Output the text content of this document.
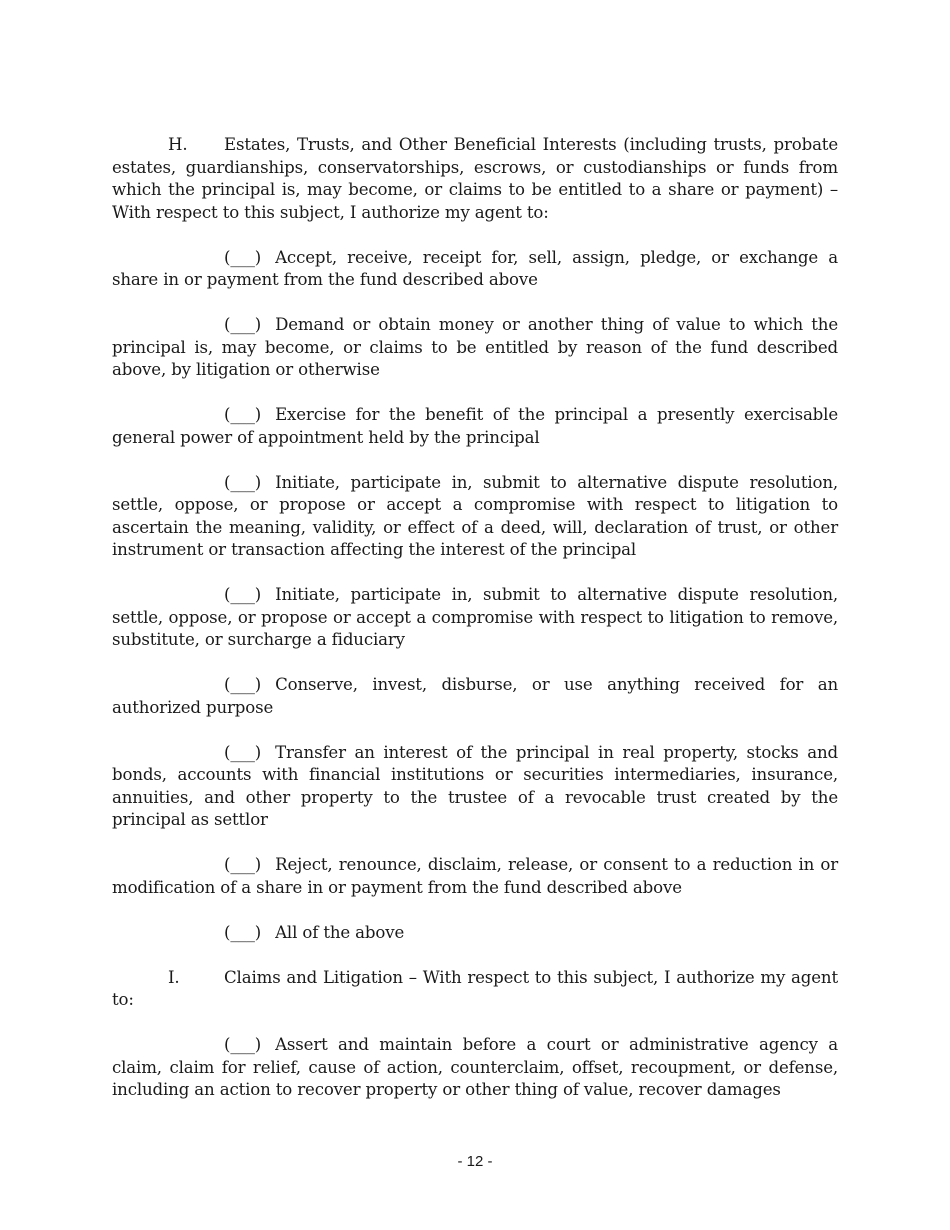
H. Estates, Trusts, and Other Beneficial Interests (including trusts, probate estates, guardianships, conservatorships, escrows, or custodianships or funds from which the principal is, may become, or claims to be entitled to a share or payment) – With respect to this subject, I authorize my agent to:

(___) Accept, receive, receipt for, sell, assign, pledge, or exchange a share in or payment from the fund described above

(___) Demand or obtain money or another thing of value to which the principal is, may become, or claims to be entitled by reason of the fund described above, by litigation or otherwise

(___) Exercise for the benefit of the principal a presently exercisable general power of appointment held by the principal

(___) Initiate, participate in, submit to alternative dispute resolution, settle, oppose, or propose or accept a compromise with respect to litigation to ascertain the meaning, validity, or effect of a deed, will, declaration of trust, or other instrument or transaction affecting the interest of the principal

(___) Initiate, participate in, submit to alternative dispute resolution, settle, oppose, or propose or accept a compromise with respect to litigation to remove, substitute, or surcharge a fiduciary

(___) Conserve, invest, disburse, or use anything received for an authorized purpose

(___) Transfer an interest of the principal in real property, stocks and bonds, accounts with financial institutions or securities intermediaries, insurance, annuities, and other property to the trustee of a revocable trust created by the principal as settlor

(___) Reject, renounce, disclaim, release, or consent to a reduction in or modification of a share in or payment from the fund described above

(___) All of the above

I.	Claims and Litigation – With respect to this subject, I authorize my agent to:

(___) Assert and maintain before a court or administrative agency a claim, claim for relief, cause of action, counterclaim, offset, recoupment, or defense, including an action to recover property or other thing of value, recover damages

- 12 -
